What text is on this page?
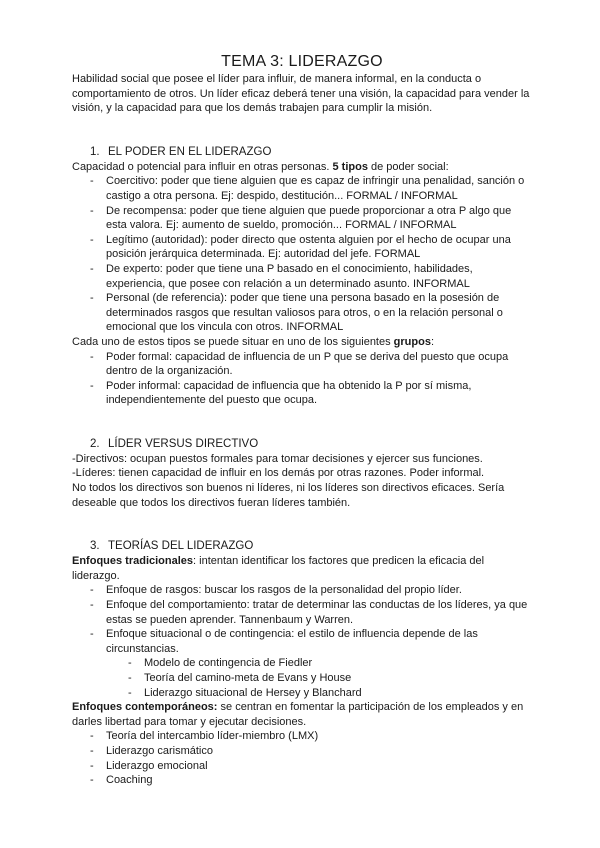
TEMA 3: LIDERAZGO

Habilidad social que posee el líder para influir, de manera informal, en la conducta o comportamiento de otros. Un líder eficaz deberá tener una visión, la capacidad para vender la visión, y la capacidad para que los demás trabajen para cumplir la misión.

1. EL PODER EN EL LIDERAZGO

Capacidad o potencial para influir en otras personas. 5 tipos de poder social:

- Coercitivo: poder que tiene alguien que es capaz de infringir una penalidad, sanción o castigo a otra persona. Ej: despido, destitución... FORMAL / INFORMAL
- De recompensa: poder que tiene alguien que puede proporcionar a otra P algo que esta valora. Ej: aumento de sueldo, promoción... FORMAL / INFORMAL
- Legítimo (autoridad): poder directo que ostenta alguien por el hecho de ocupar una posición jerárquica determinada. Ej: autoridad del jefe. FORMAL
- De experto: poder que tiene una P basado en el conocimiento, habilidades, experiencia, que posee con relación a un determinado asunto. INFORMAL
- Personal (de referencia): poder que tiene una persona basado en la posesión de determinados rasgos que resultan valiosos para otros, o en la relación personal o emocional que los vincula con otros. INFORMAL

Cada uno de estos tipos se puede situar en uno de los siguientes grupos:

- Poder formal: capacidad de influencia de un P que se deriva del puesto que ocupa dentro de la organización.
- Poder informal: capacidad de influencia que ha obtenido la P por sí misma, independientemente del puesto que ocupa.
2. LÍDER VERSUS DIRECTIVO

-Directivos: ocupan puestos formales para tomar decisiones y ejercer sus funciones.

-Líderes: tienen capacidad de influir en los demás por otras razones. Poder informal.

No todos los directivos son buenos ni líderes, ni los líderes son directivos eficaces. Sería deseable que todos los directivos fueran líderes también.

3. TEORÍAS DEL LIDERAZGO

Enfoques tradicionales: intentan identificar los factores que predicen la eficacia del liderazgo.

- Enfoque de rasgos: buscar los rasgos de la personalidad del propio líder.
- Enfoque del comportamiento: tratar de determinar las conductas de los líderes, ya que estas se pueden aprender. Tannenbaum y Warren.
- Enfoque situacional o de contingencia: el estilo de influencia depende de las circunstancias.
- Modelo de contingencia de Fiedler
- Teoría del camino-meta de Evans y House
- Liderazgo situacional de Hersey y Blanchard

Enfoques contemporáneos: se centran en fomentar la participación de los empleados y en darles libertad para tomar y ejecutar decisiones.

- Teoría del intercambio líder-miembro (LMX)
- Liderazgo carismático
- Liderazgo emocional
- Coaching
